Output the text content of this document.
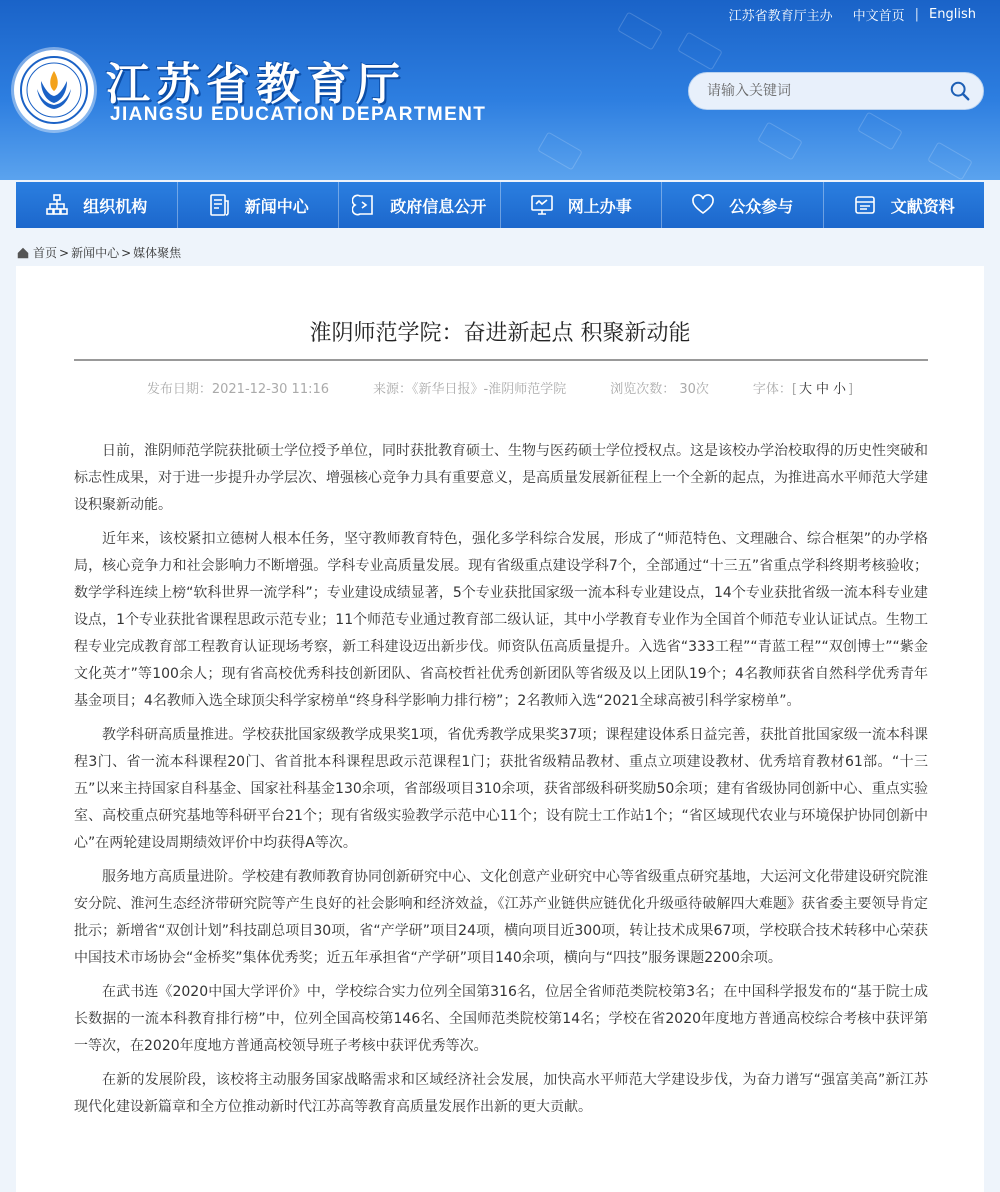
江苏省教育厅主办 中文首页 | English
江苏省教育厅
JIANGSU EDUCATION DEPARTMENT
请输入关键词
组织机构	新闻中心	政府信息公开	网上办事	公众参与	文献资料
首页 > 新闻中心 > 媒体聚焦
淮阴师范学院：奋进新起点 积聚新动能
发布日期：2021-12-30 11:16	来源：《新华日报》-淮阴师范学院	浏览次数： 30次	字体：[ 大 中 小 ]

日前，淮阴师范学院获批硕士学位授予单位，同时获批教育硕士、生物与医药硕士学位授权点。这是该校办学治校取得的历史性突破和标志性成果，对于进一步提升办学层次、增强核心竞争力具有重要意义，是高质量发展新征程上一个全新的起点，为推进高水平师范大学建设积聚新动能。

近年来，该校紧扣立德树人根本任务，坚守教师教育特色，强化多学科综合发展，形成了“师范特色、文理融合、综合框架”的办学格局，核心竞争力和社会影响力不断增强。学科专业高质量发展。现有省级重点建设学科7个，全部通过“十三五”省重点学科终期考核验收；数学学科连续上榜“软科世界一流学科”；专业建设成绩显著，5个专业获批国家级一流本科专业建设点，14个专业获批省级一流本科专业建设点，1个专业获批省课程思政示范专业；11个师范专业通过教育部二级认证，其中小学教育专业作为全国首个师范专业认证试点。生物工程专业完成教育部工程教育认证现场考察，新工科建设迈出新步伐。师资队伍高质量提升。入选省“333工程”“青蓝工程”“双创博士”“紫金文化英才”等100余人；现有省高校优秀科技创新团队、省高校哲社优秀创新团队等省级及以上团队19个；4名教师获省自然科学优秀青年基金项目；4名教师入选全球顶尖科学家榜单“终身科学影响力排行榜”；2名教师入选“2021全球高被引科学家榜单”。

教学科研高质量推进。学校获批国家级教学成果奖1项，省优秀教学成果奖37项；课程建设体系日益完善，获批首批国家级一流本科课程3门、省一流本科课程20门、省首批本科课程思政示范课程1门；获批省级精品教材、重点立项建设教材、优秀培育教材61部。“十三五”以来主持国家自科基金、国家社科基金130余项，省部级项目310余项，获省部级科研奖励50余项；建有省级协同创新中心、重点实验室、高校重点研究基地等科研平台21个；现有省级实验教学示范中心11个；设有院士工作站1个；“省区域现代农业与环境保护协同创新中心”在两轮建设周期绩效评价中均获得A等次。

服务地方高质量进阶。学校建有教师教育协同创新研究中心、文化创意产业研究中心等省级重点研究基地，大运河文化带建设研究院淮安分院、淮河生态经济带研究院等产生良好的社会影响和经济效益，《江苏产业链供应链优化升级亟待破解四大难题》获省委主要领导肯定批示；新增省“双创计划”科技副总项目30项，省“产学研”项目24项，横向项目近300项，转让技术成果67项，学校联合技术转移中心荣获中国技术市场协会“金桥奖”集体优秀奖；近五年承担省“产学研”项目140余项，横向与“四技”服务课题2200余项。

在武书连《2020中国大学评价》中，学校综合实力位列全国第316名，位居全省师范类院校第3名；在中国科学报发布的“基于院士成长数据的一流本科教育排行榜”中，位列全国高校第146名、全国师范类院校第14名；学校在省2020年度地方普通高校综合考核中获评第一等次，在2020年度地方普通高校领导班子考核中获评优秀等次。

在新的发展阶段，该校将主动服务国家战略需求和区域经济社会发展，加快高水平师范大学建设步伐，为奋力谱写“强富美高”新江苏现代化建设新篇章和全方位推动新时代江苏高等教育高质量发展作出新的更大贡献。
